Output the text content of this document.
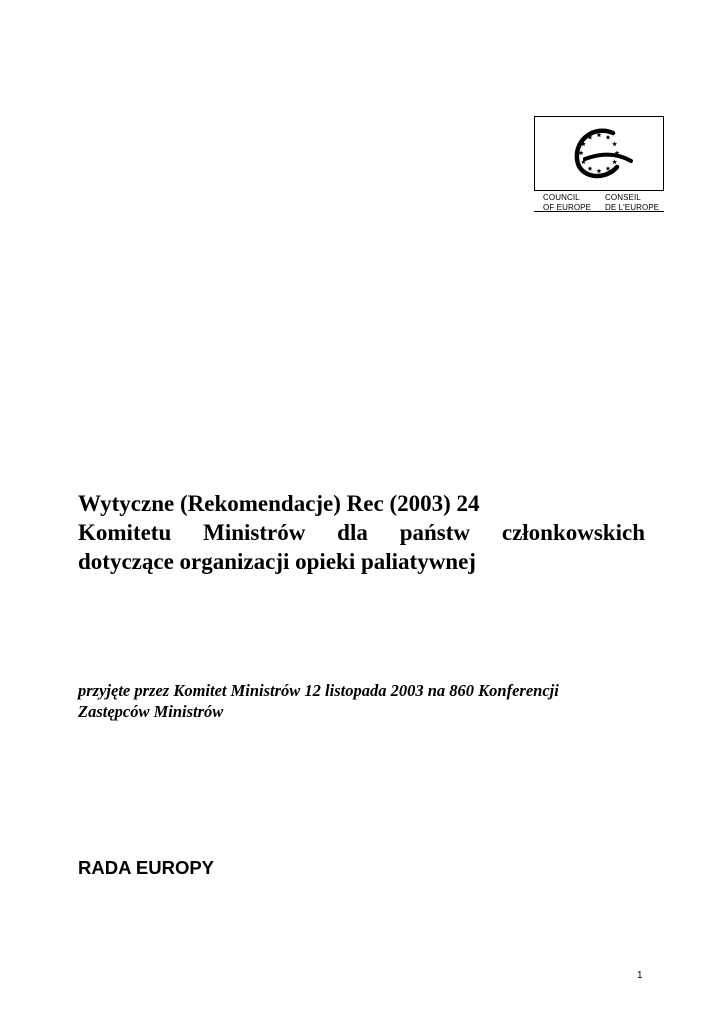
COUNCIL
OF EUROPE
CONSEIL
DE L'EUROPE
Wytyczne (Rekomendacje) Rec (2003) 24
Komitetu Ministrów dla państw członkowskich
dotyczące organizacji opieki paliatywnej
przyjęte przez Komitet Ministrów 12 listopada 2003 na 860 Konferencji
Zastępców Ministrów
RADA EUROPY
1
